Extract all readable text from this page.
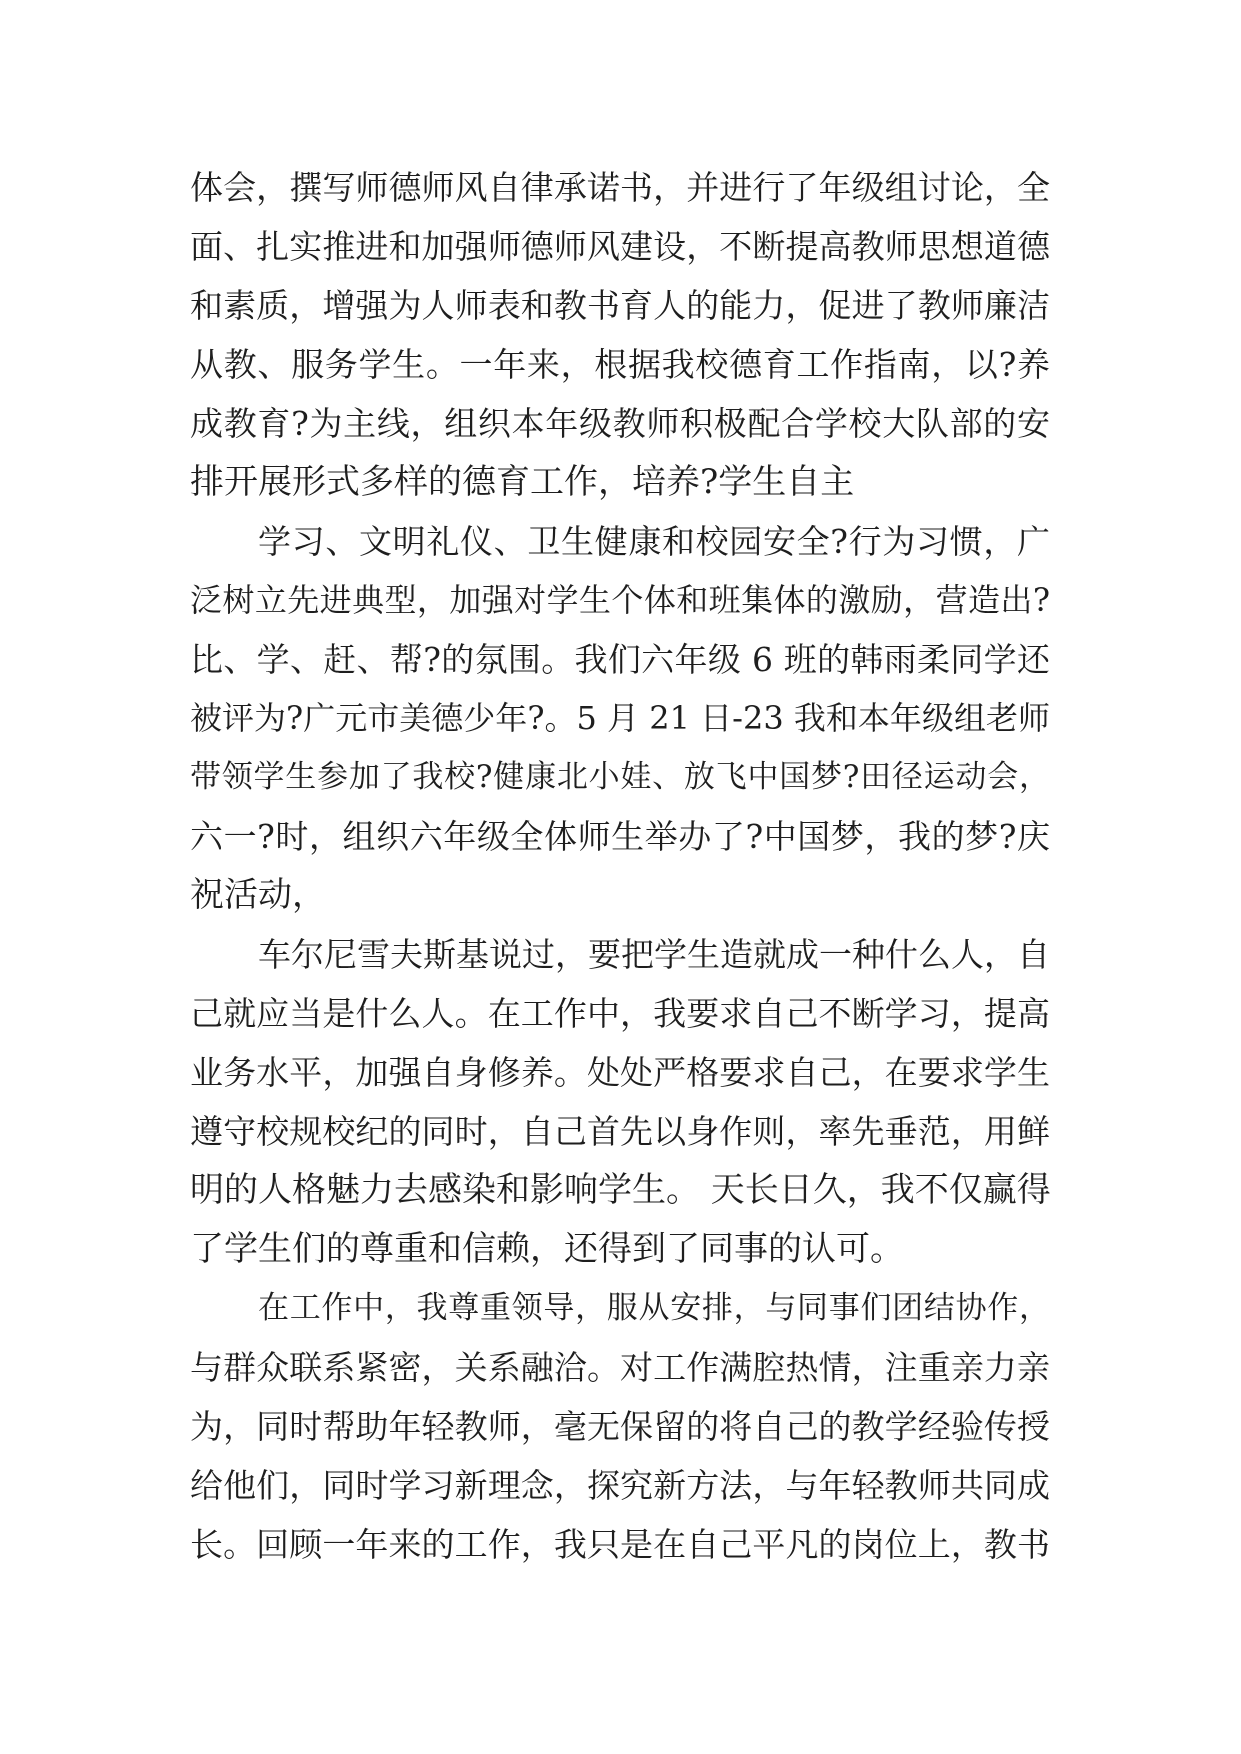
体会，撰写师德师风自律承诺书，并进行了年级组讨论，全
面、扎实推进和加强师德师风建设，不断提高教师思想道德
和素质，增强为人师表和教书育人的能力，促进了教师廉洁
从教、服务学生。一年来，根据我校德育工作指南，以?养
成教育?为主线，组织本年级教师积极配合学校大队部的安
排开展形式多样的德育工作，培养?学生自主
学习、文明礼仪、卫生健康和校园安全?行为习惯，广
泛树立先进典型，加强对学生个体和班集体的激励，营造出?
比、学、赶、帮?的氛围。我们六年级 6 班的韩雨柔同学还
被评为?广元市美德少年?。5 月 21 日-23 我和本年级组老师
带领学生参加了我校?健康北小娃、放飞中国梦?田径运动会，
六一?时，组织六年级全体师生举办了?中国梦，我的梦?庆
祝活动，
车尔尼雪夫斯基说过，要把学生造就成一种什么人，自
己就应当是什么人。在工作中，我要求自己不断学习，提高
业务水平，加强自身修养。处处严格要求自己，在要求学生
遵守校规校纪的同时，自己首先以身作则，率先垂范，用鲜
明的人格魅力去感染和影响学生。 天长日久，我不仅赢得
了学生们的尊重和信赖，还得到了同事的认可。
在工作中，我尊重领导，服从安排，与同事们团结协作，
与群众联系紧密，关系融洽。对工作满腔热情，注重亲力亲
为，同时帮助年轻教师，毫无保留的将自己的教学经验传授
给他们，同时学习新理念，探究新方法，与年轻教师共同成
长。回顾一年来的工作，我只是在自己平凡的岗位上，教书
